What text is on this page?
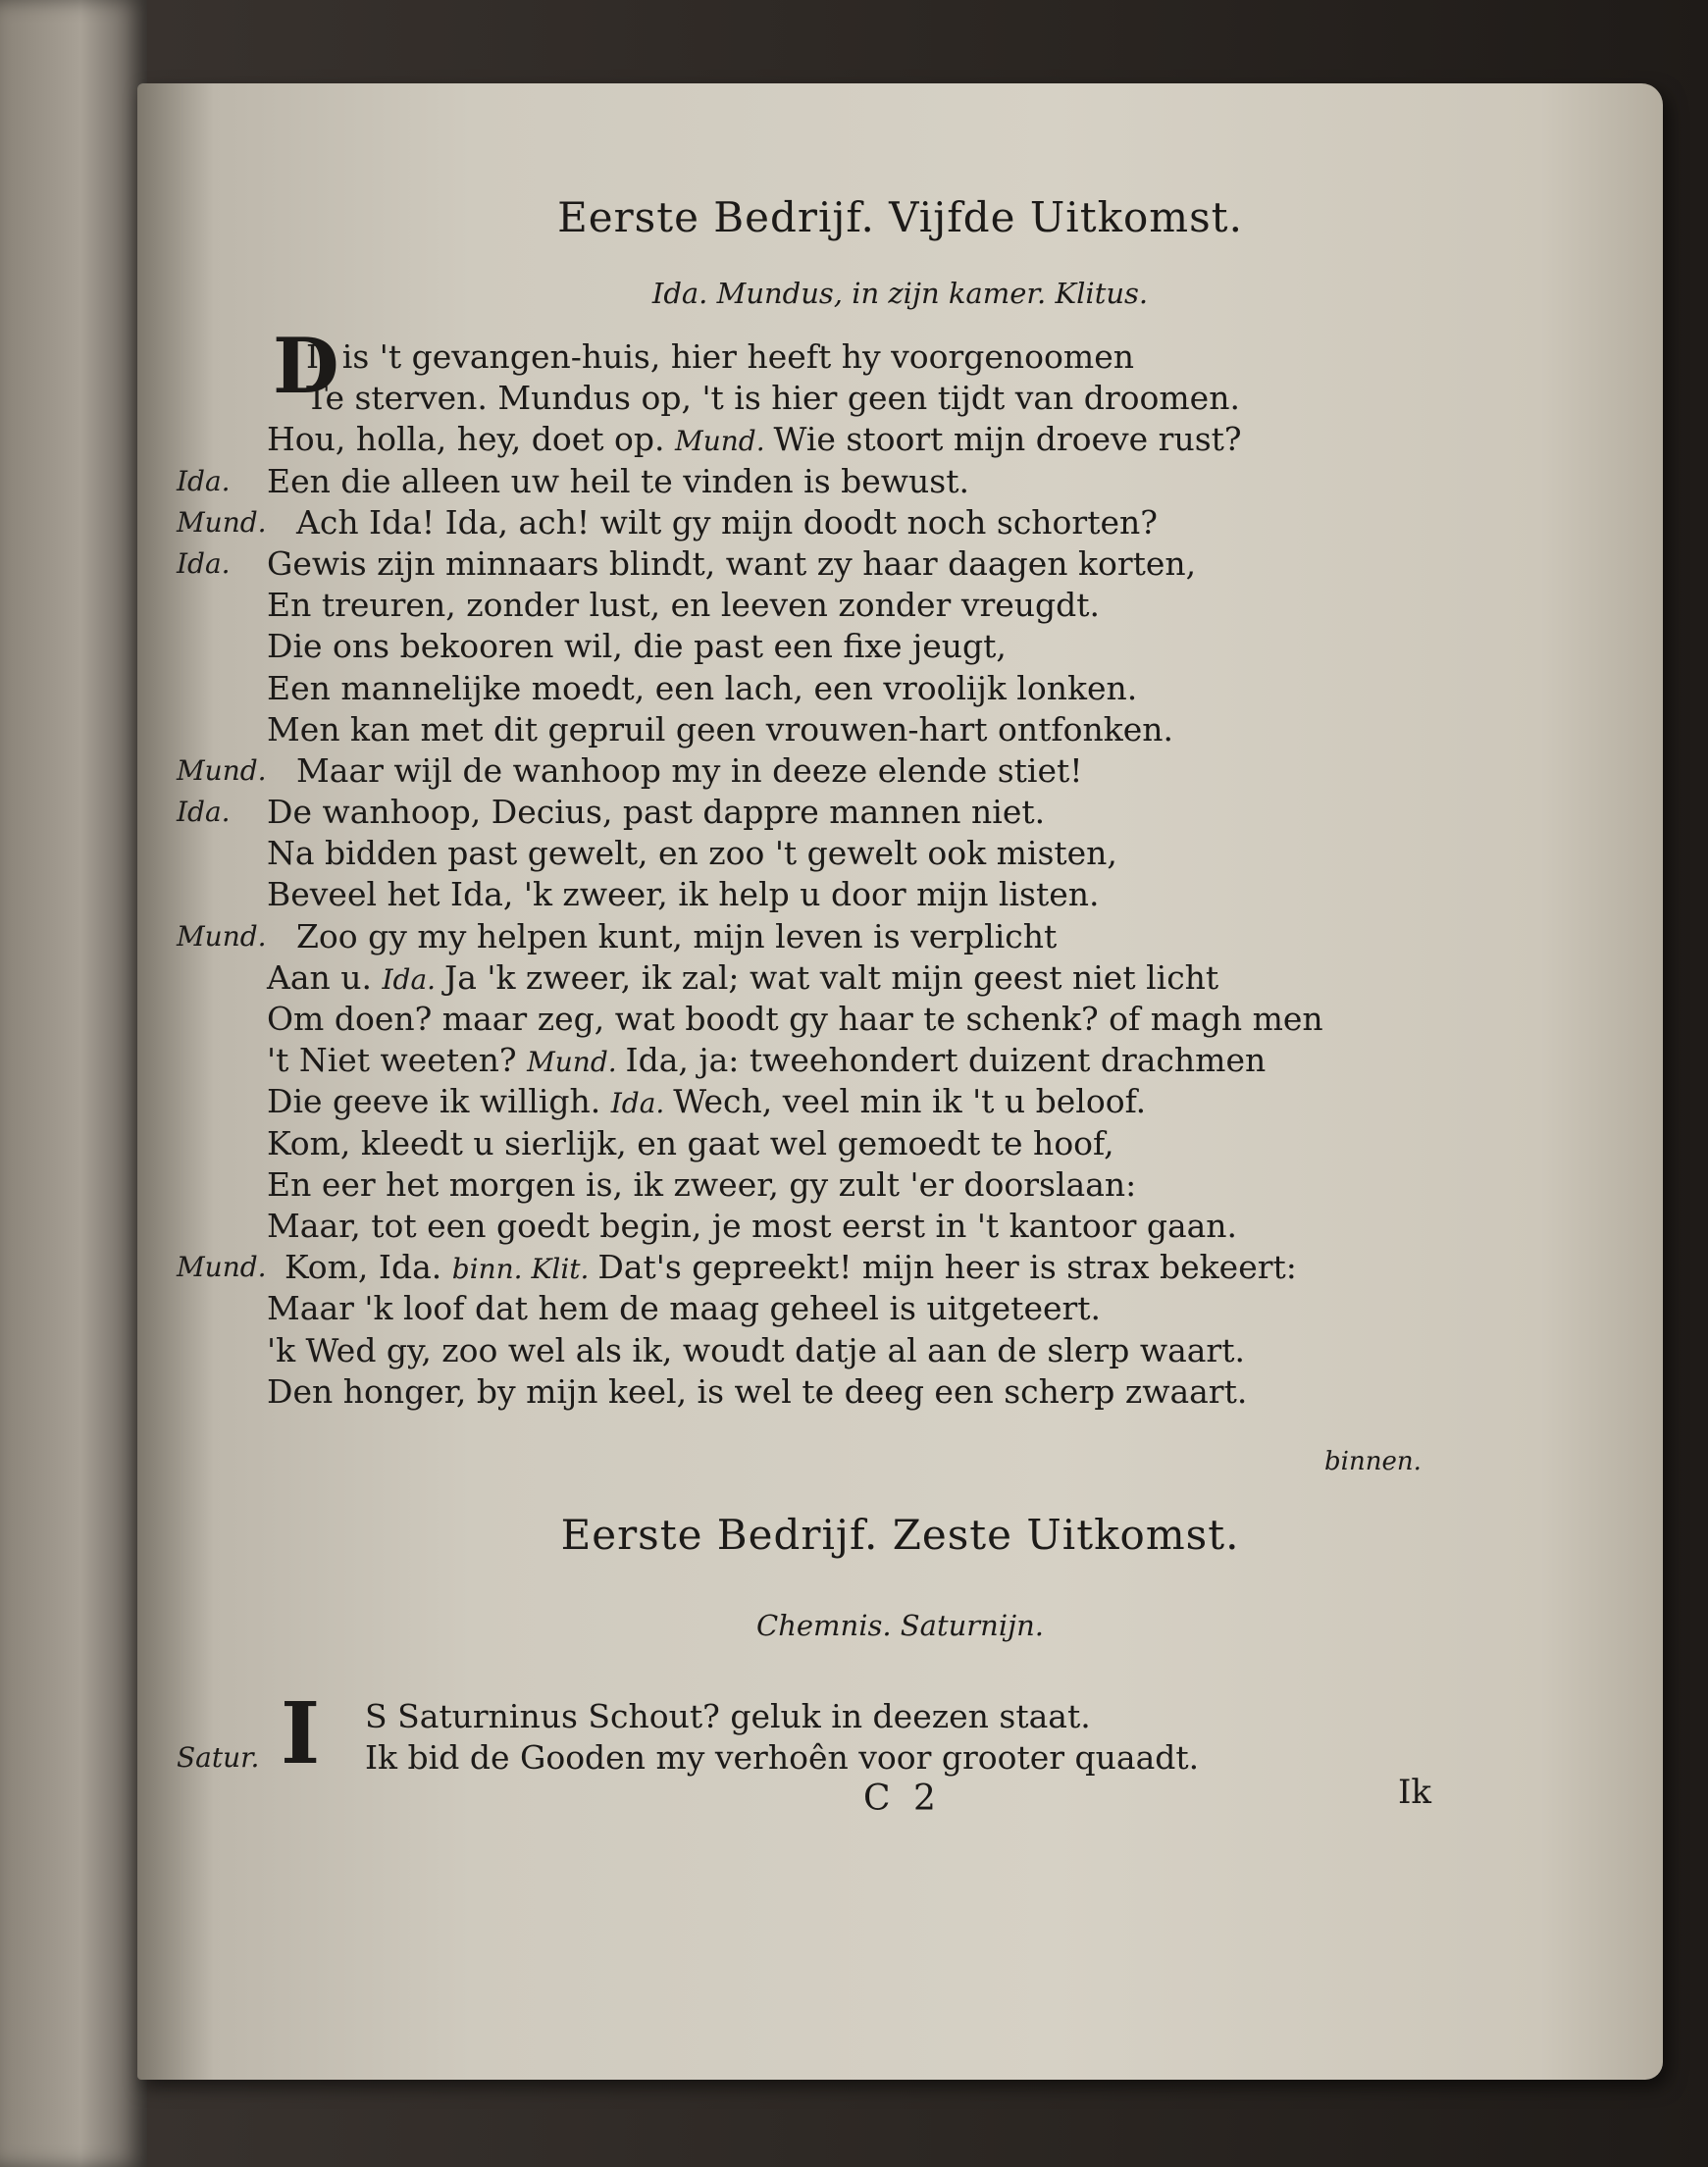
Eerste Bedrijf. Vijfde Uitkomst.
Ida. Mundus, in zijn kamer. Klitus.
D
It is 't gevangen-huis, hier heeft hy voorgenoomen
Te sterven. Mundus op, 't is hier geen tijdt van droomen.
Hou, holla, hey, doet op. Mund. Wie stoort mijn droeve rust?
Ida. Een die alleen uw heil te vinden is bewust.
Mund. Ach Ida! Ida, ach! wilt gy mijn doodt noch schorten?
Ida. Gewis zijn minnaars blindt, want zy haar daagen korten,
En treuren, zonder lust, en leeven zonder vreugdt.
Die ons bekooren wil, die past een fixe jeugt,
Een mannelijke moedt, een lach, een vroolijk lonken.
Men kan met dit gepruil geen vrouwen-hart ontfonken.
Mund. Maar wijl de wanhoop my in deeze elende stiet!
Ida. De wanhoop, Decius, past dappre mannen niet.
Na bidden past gewelt, en zoo 't gewelt ook misten,
Beveel het Ida, 'k zweer, ik help u door mijn listen.
Mund. Zoo gy my helpen kunt, mijn leven is verplicht
Aan u. Ida. Ja 'k zweer, ik zal; wat valt mijn geest niet licht
Om doen? maar zeg, wat boodt gy haar te schenk? of magh men
't Niet weeten? Mund. Ida, ja: tweehondert duizent drachmen
Die geeve ik willigh. Ida. Wech, veel min ik 't u beloof.
Kom, kleedt u sierlijk, en gaat wel gemoedt te hoof,
En eer het morgen is, ik zweer, gy zult 'er doorslaan:
Maar, tot een goedt begin, je most eerst in 't kantoor gaan.
Mund. Kom, Ida. binn. Klit. Dat's gepreekt! mijn heer is strax bekeert:
Maar 'k loof dat hem de maag geheel is uitgeteert.
'k Wed gy, zoo wel als ik, woudt datje al aan de slerp waart.
Den honger, by mijn keel, is wel te deeg een scherp zwaart.
binnen.
Eerste Bedrijf. Zeste Uitkomst.
Chemnis. Saturnijn.
I S Saturninus Schout? geluk in deezen staat.
Satur.	Ik bid de Gooden my verhoên voor grooter quaadt.
C 2	Ik
